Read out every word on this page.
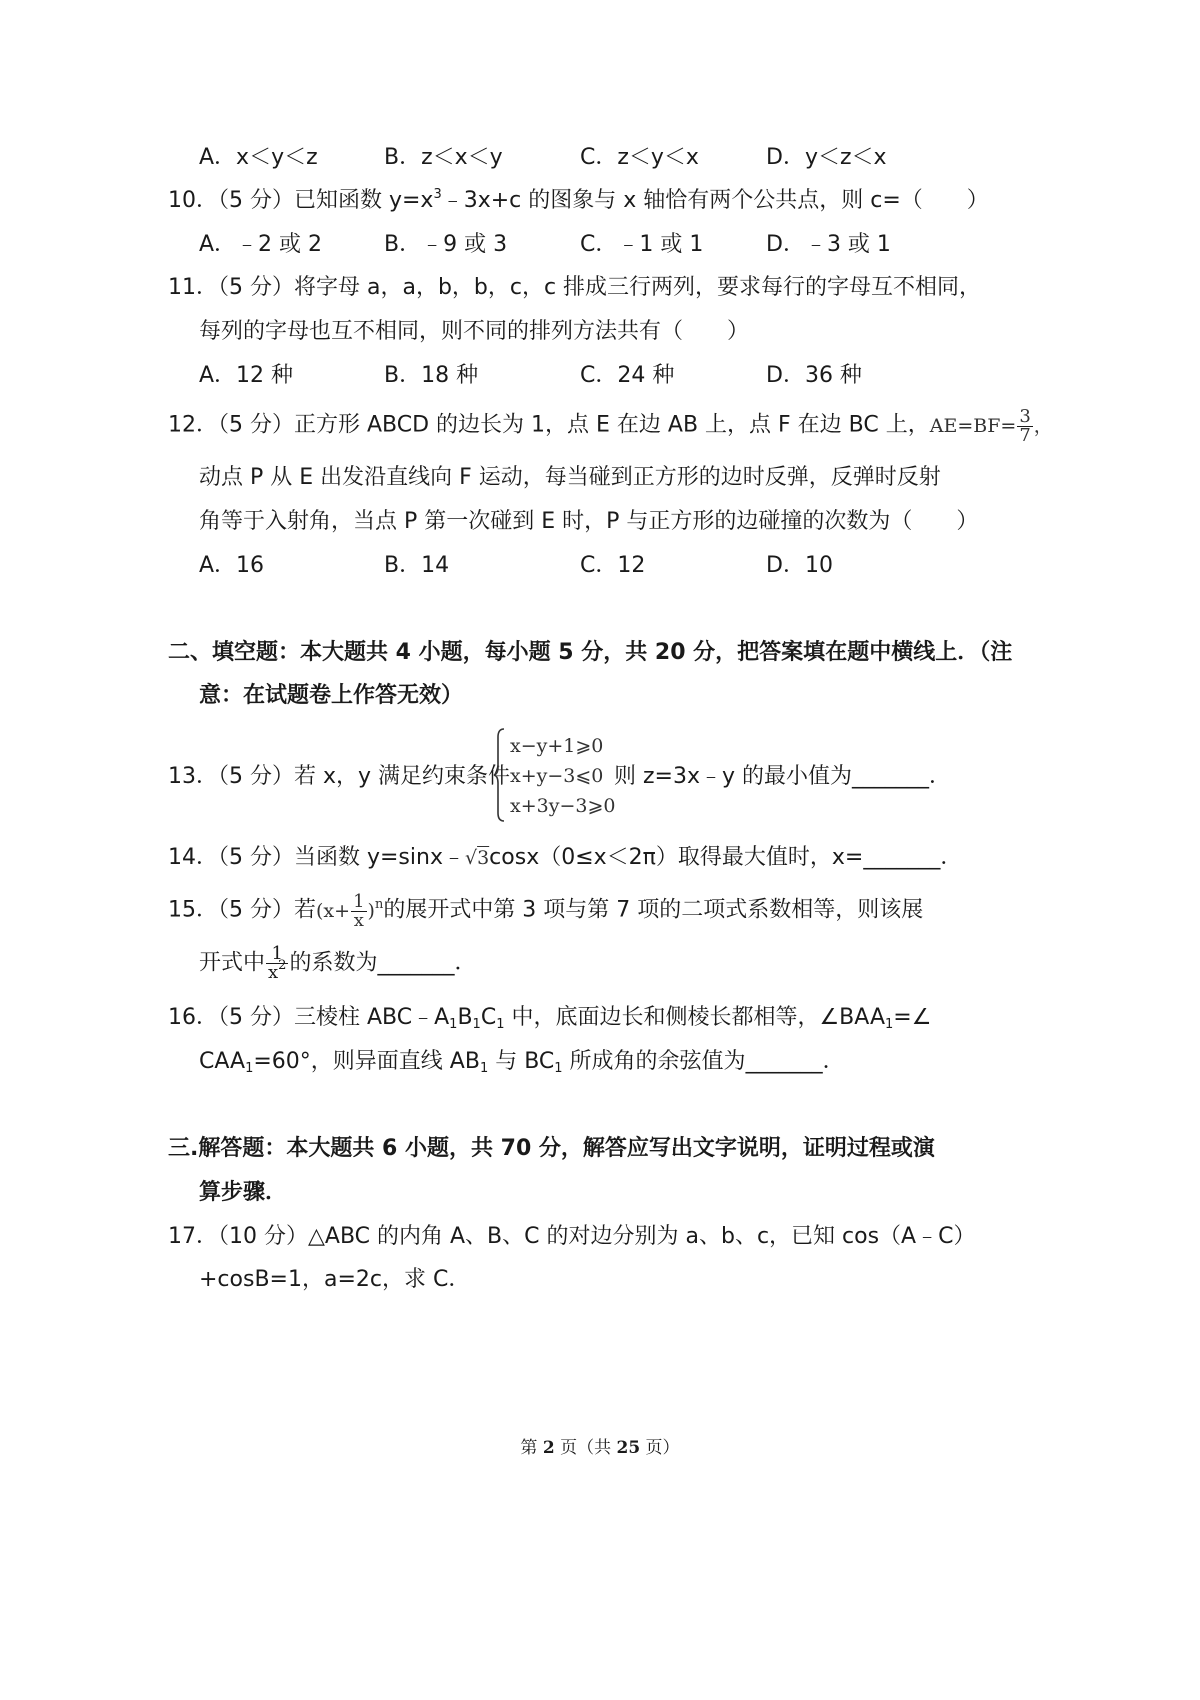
A．x＜y＜z	B．z＜x＜y	C．z＜y＜x	D．y＜z＜x
10．（5 分）已知函数 $y=x^3﹣3x+c$ 的图象与 x 轴恰有两个公共点，则 c=（　　）
A．﹣2 或 2	B．﹣9 或 3	C．﹣1 或 1	D．﹣3 或 1
11．（5 分）将字母 a，a，b，b，c，c 排成三行两列，要求每行的字母互不相同，
每列的字母也互不相同，则不同的排列方法共有（　　）
A．12 种	B．18 种	C．24 种	D．36 种
12．（5 分）正方形 ABCD 的边长为 1，点 E 在边 AB 上，点 F 在边 BC 上，$AE=BF= \frac{3}{7}$ ，
动点 P 从 E 出发沿直线向 F 运动，每当碰到正方形的边时反弹，反弹时反射
角等于入射角，当点 P 第一次碰到 E 时，P 与正方形的边碰撞的次数为（　　）
A．16	B．14	C．12	D．10
二、填空题：本大题共 4 小题，每小题 5 分，共 20 分，把答案填在题中横线上．（注
意：在试题卷上作答无效）
13．（5 分）若 x，y 满足约束条件
x−y+1⩾0
x+y−3⩽0
x+3y−3⩾0
则 z=3x﹣y 的最小值为_______．
14．（5 分）当函数 y=sinx﹣√3cosx（0≤x＜2π）取得最大值时，x=_______．
15．（5 分）若$(x+ \frac{1}{x} )^n$的展开式中第 3 项与第 7 项的二项式系数相等，则该展
开式中 $\frac{1}{x^2}$ 的系数为_______．
16．（5 分）三棱柱 $ABC﹣A_1B_1C_1$ 中，底面边长和侧棱长都相等，$\angle BAA_1=\angle$
$CAA_1=60^\circ$，则异面直线 $AB_1$ 与 $BC_1$ 所成角的余弦值为_______．
三.解答题：本大题共 6 小题，共 70 分，解答应写出文字说明，证明过程或演
算步骤．
17．（10 分）△ABC 的内角 A、B、C 的对边分别为 a、b、c，已知 cos（A﹣C）
+cosB=1，a=2c，求 C．
第 2 页（共 25 页）
